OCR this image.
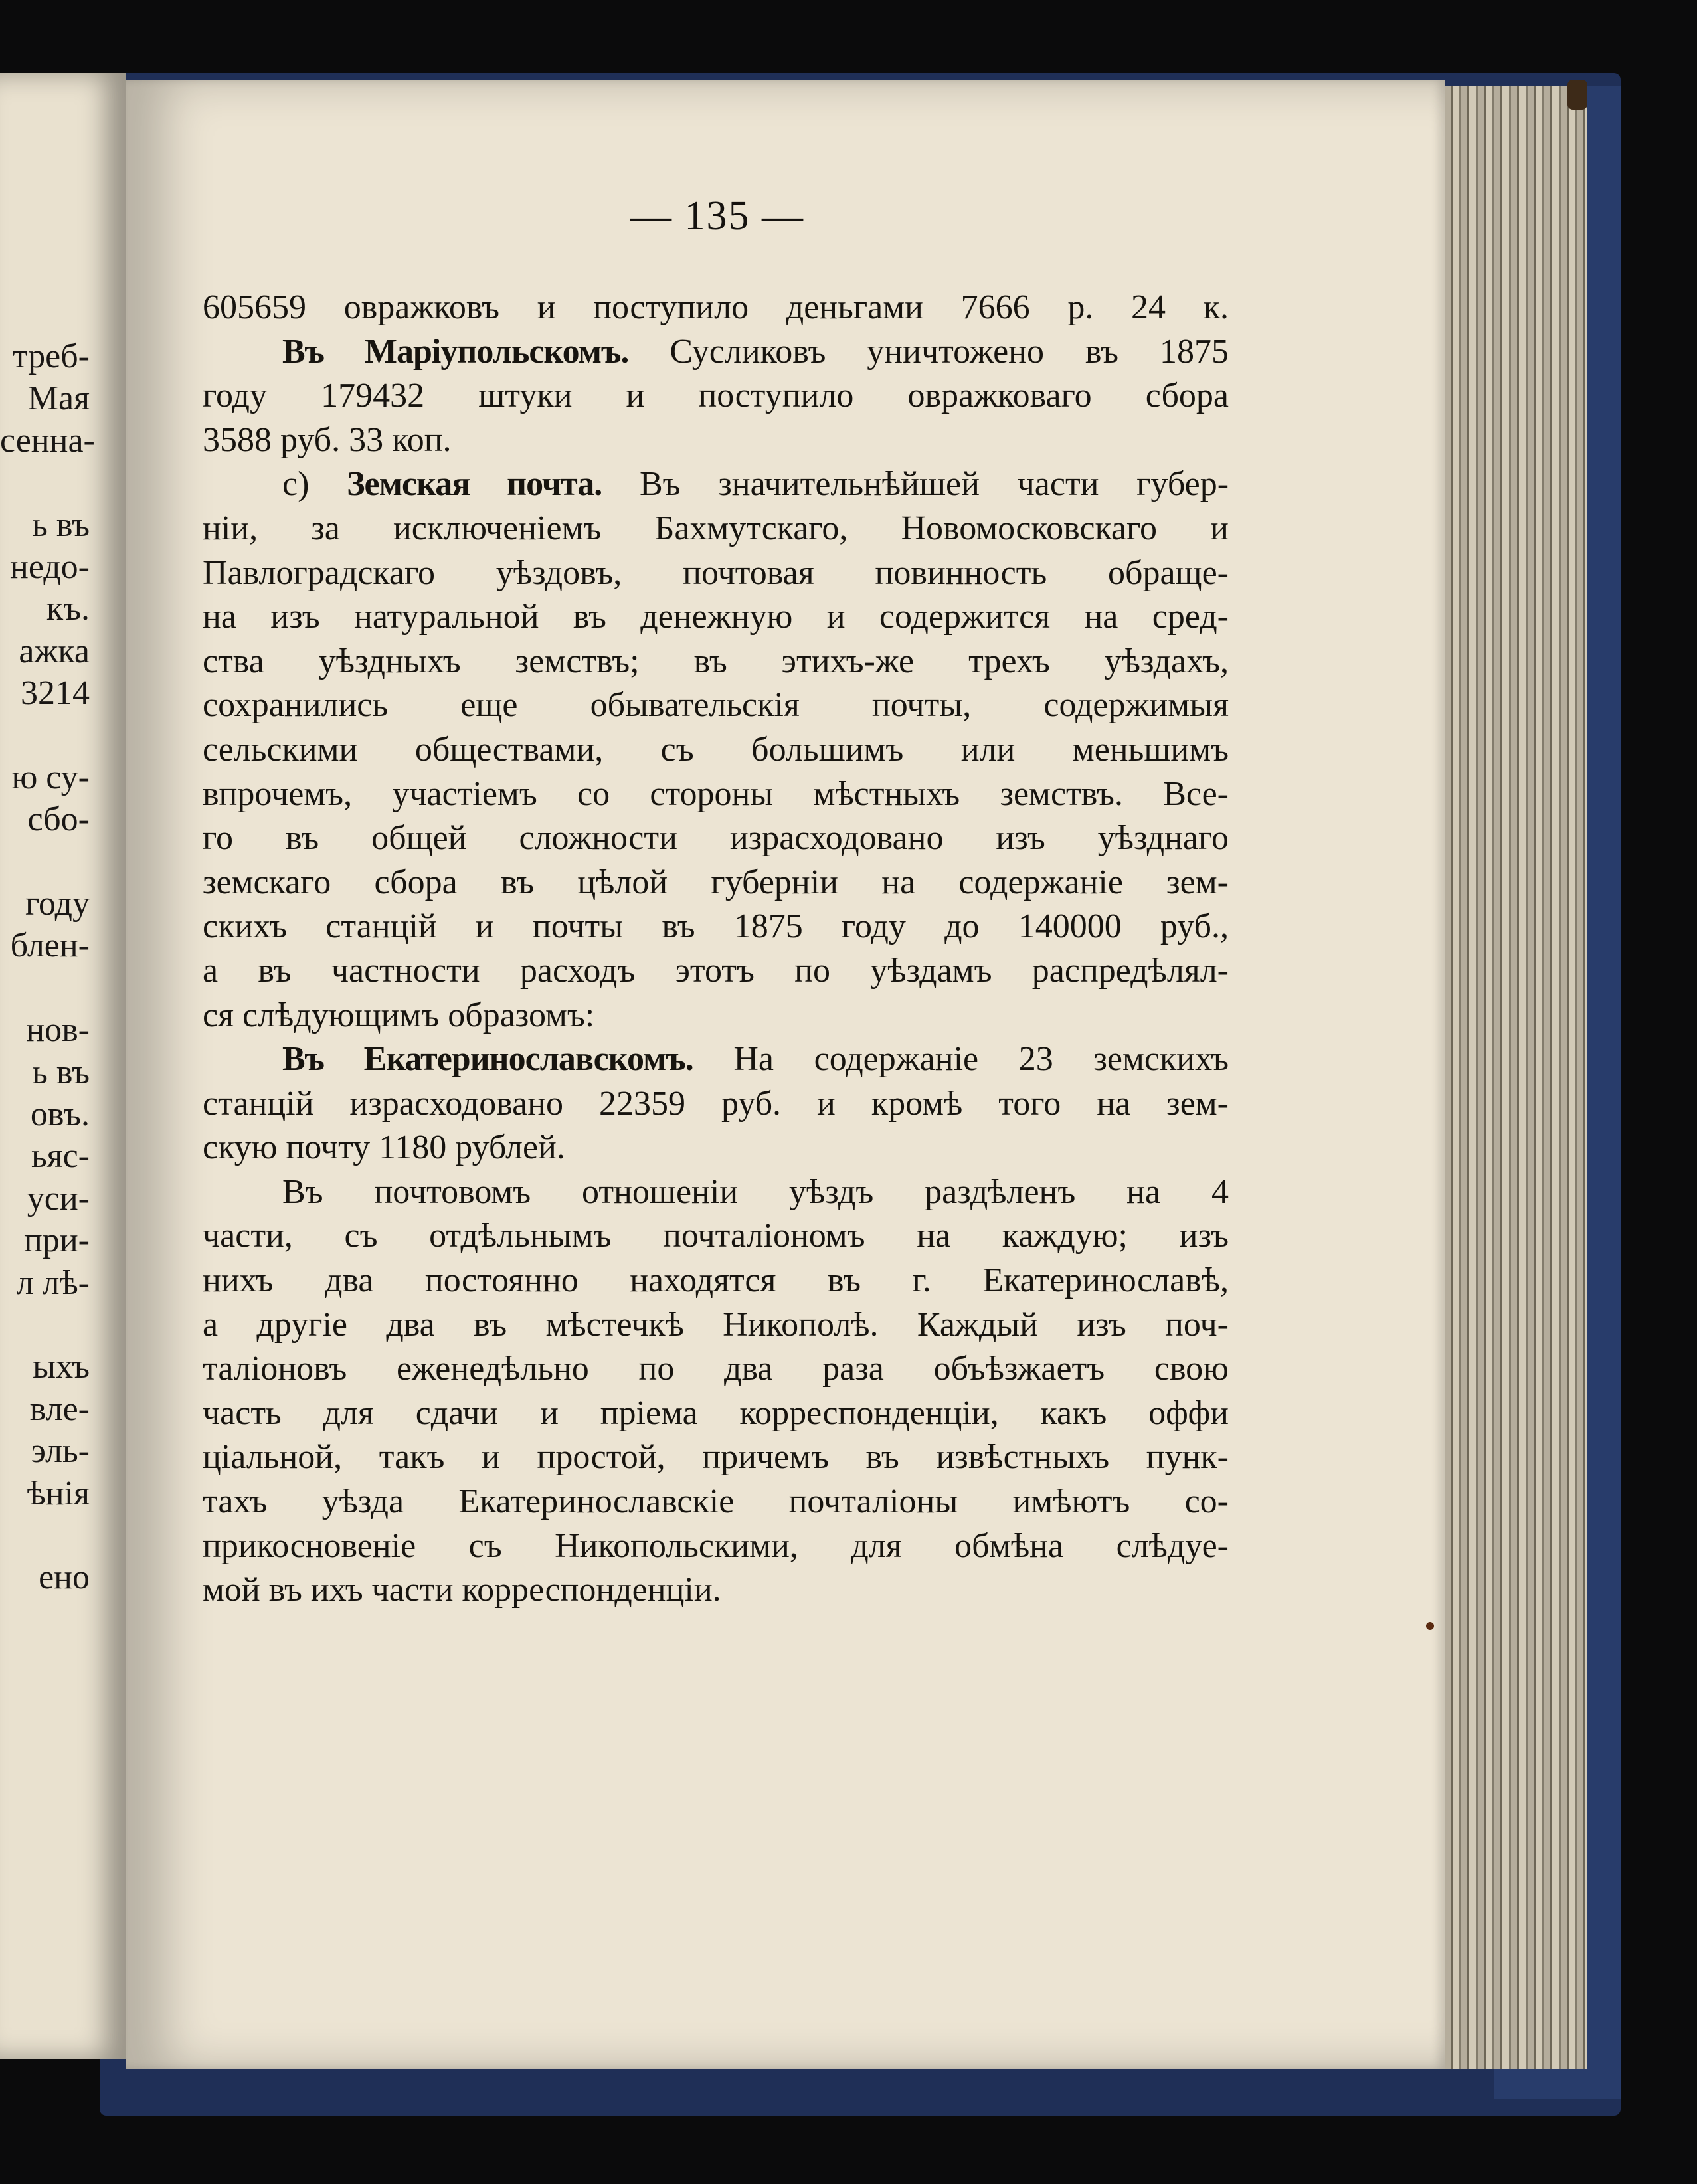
треб-
Мая
сенна-
ь въ
недо-
къ.
ажка
3214
ю су-
сбо-
году
блен-
нов-
ь въ
овъ.
ьяс-
уси-
при-
л лѣ-
ыхъ
вле-
эль-
ѣнія
ено
— 135 —
605659 овражковъ и поступило деньгами 7666 р. 24 к.
Въ Маріупольскомъ. Сусликовъ уничтожено въ 1875
году 179432 штуки и поступило овражковаго сбора
3588 руб. 33 коп.
с) Земская почта. Въ значительнѣйшей части губер-
ніи, за исключеніемъ Бахмутскаго, Новомосковскаго и
Павлоградскаго уѣздовъ, почтовая повинность обраще-
на изъ натуральной въ денежную и содержится на сред-
ства уѣздныхъ земствъ; въ этихъ-же трехъ уѣздахъ,
сохранились еще обывательскія почты, содержимыя
сельскими обществами, съ большимъ или меньшимъ
впрочемъ, участіемъ со стороны мѣстныхъ земствъ. Все-
го въ общей сложности израсходовано изъ уѣзднаго
земскаго сбора въ цѣлой губерніи на содержаніе зем-
скихъ станцій и почты въ 1875 году до 140000 руб.,
а въ частности расходъ этотъ по уѣздамъ распредѣлял-
ся слѣдующимъ образомъ:
Въ Екатеринославскомъ. На содержаніе 23 земскихъ
станцій израсходовано 22359 руб. и кромѣ того на зем-
скую почту 1180 рублей.
Въ почтовомъ отношеніи уѣздъ раздѣленъ на 4
части, съ отдѣльнымъ почталіономъ на каждую; изъ
нихъ два постоянно находятся въ г. Екатеринославѣ,
а другіе два въ мѣстечкѣ Никополѣ. Каждый изъ поч-
таліоновъ еженедѣльно по два раза объѣзжаетъ свою
часть для сдачи и пріема корреспонденціи, какъ оффи
ціальной, такъ и простой, причемъ въ извѣстныхъ пунк-
тахъ уѣзда Екатеринославскіе почталіоны имѣютъ со-
прикосновеніе съ Никопольскими, для обмѣна слѣдуе-
мой въ ихъ части корреспонденціи.
